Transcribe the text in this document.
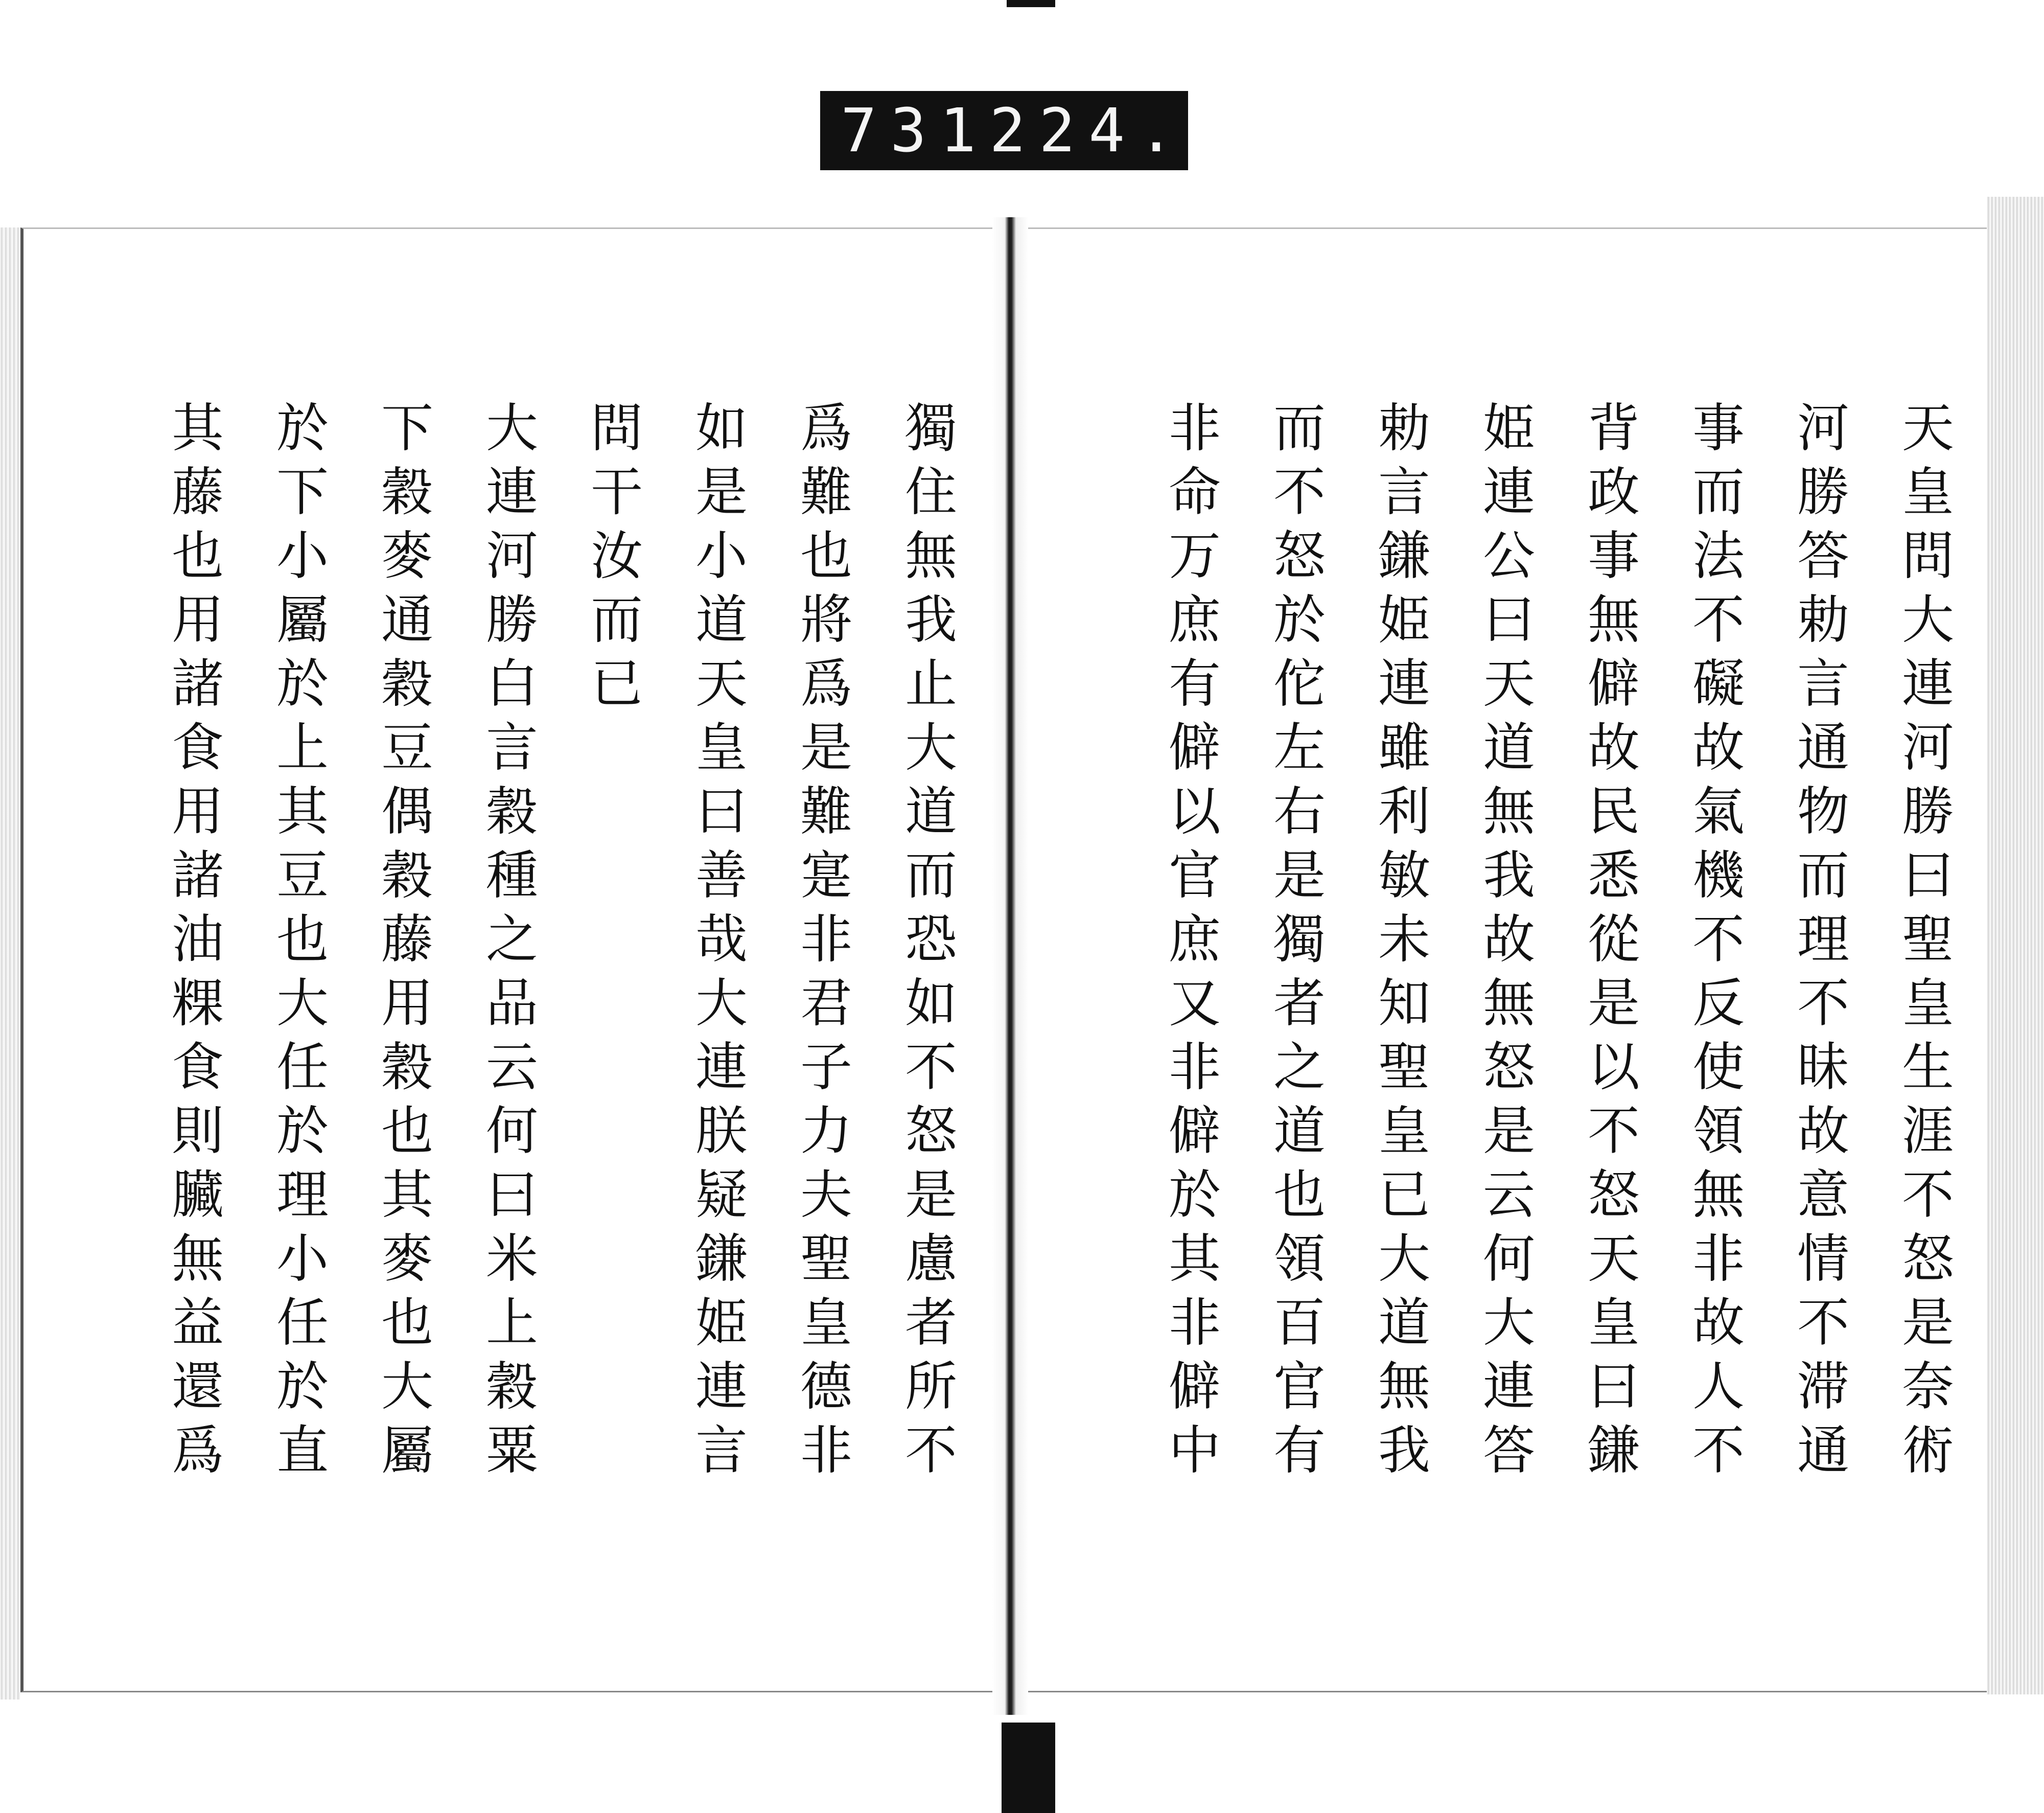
731 224.
獨住無我止大道而恐如不怒是慮者所不
爲難也將爲是難寔非君子力夫聖皇德非
如是小道天皇曰善哉大連朕疑鎌姫連言
問干汝而已
大連河勝白言穀種之品云何曰米上穀粟
下穀麥通穀豆偶穀藤用穀也其麥也大屬
於下小屬於上其豆也大任於理小任於直
其藤也用諸食用諸油粿食則臟無益還爲	天皇問大連河勝曰聖皇生涯不怒是奈術
河勝答勅言通物而理不昧故意情不滞通
事而法不礙故氣機不反使領無非故人不
背政事無僻故民悉從是以不怒天皇曰鎌
姫連公曰天道無我故無怒是云何大連答
勅言鎌姫連雖利敏未知聖皇已大道無我
而不怒於佗左右是獨者之道也領百官有
非命万庶有僻以官庶又非僻於其非僻中
